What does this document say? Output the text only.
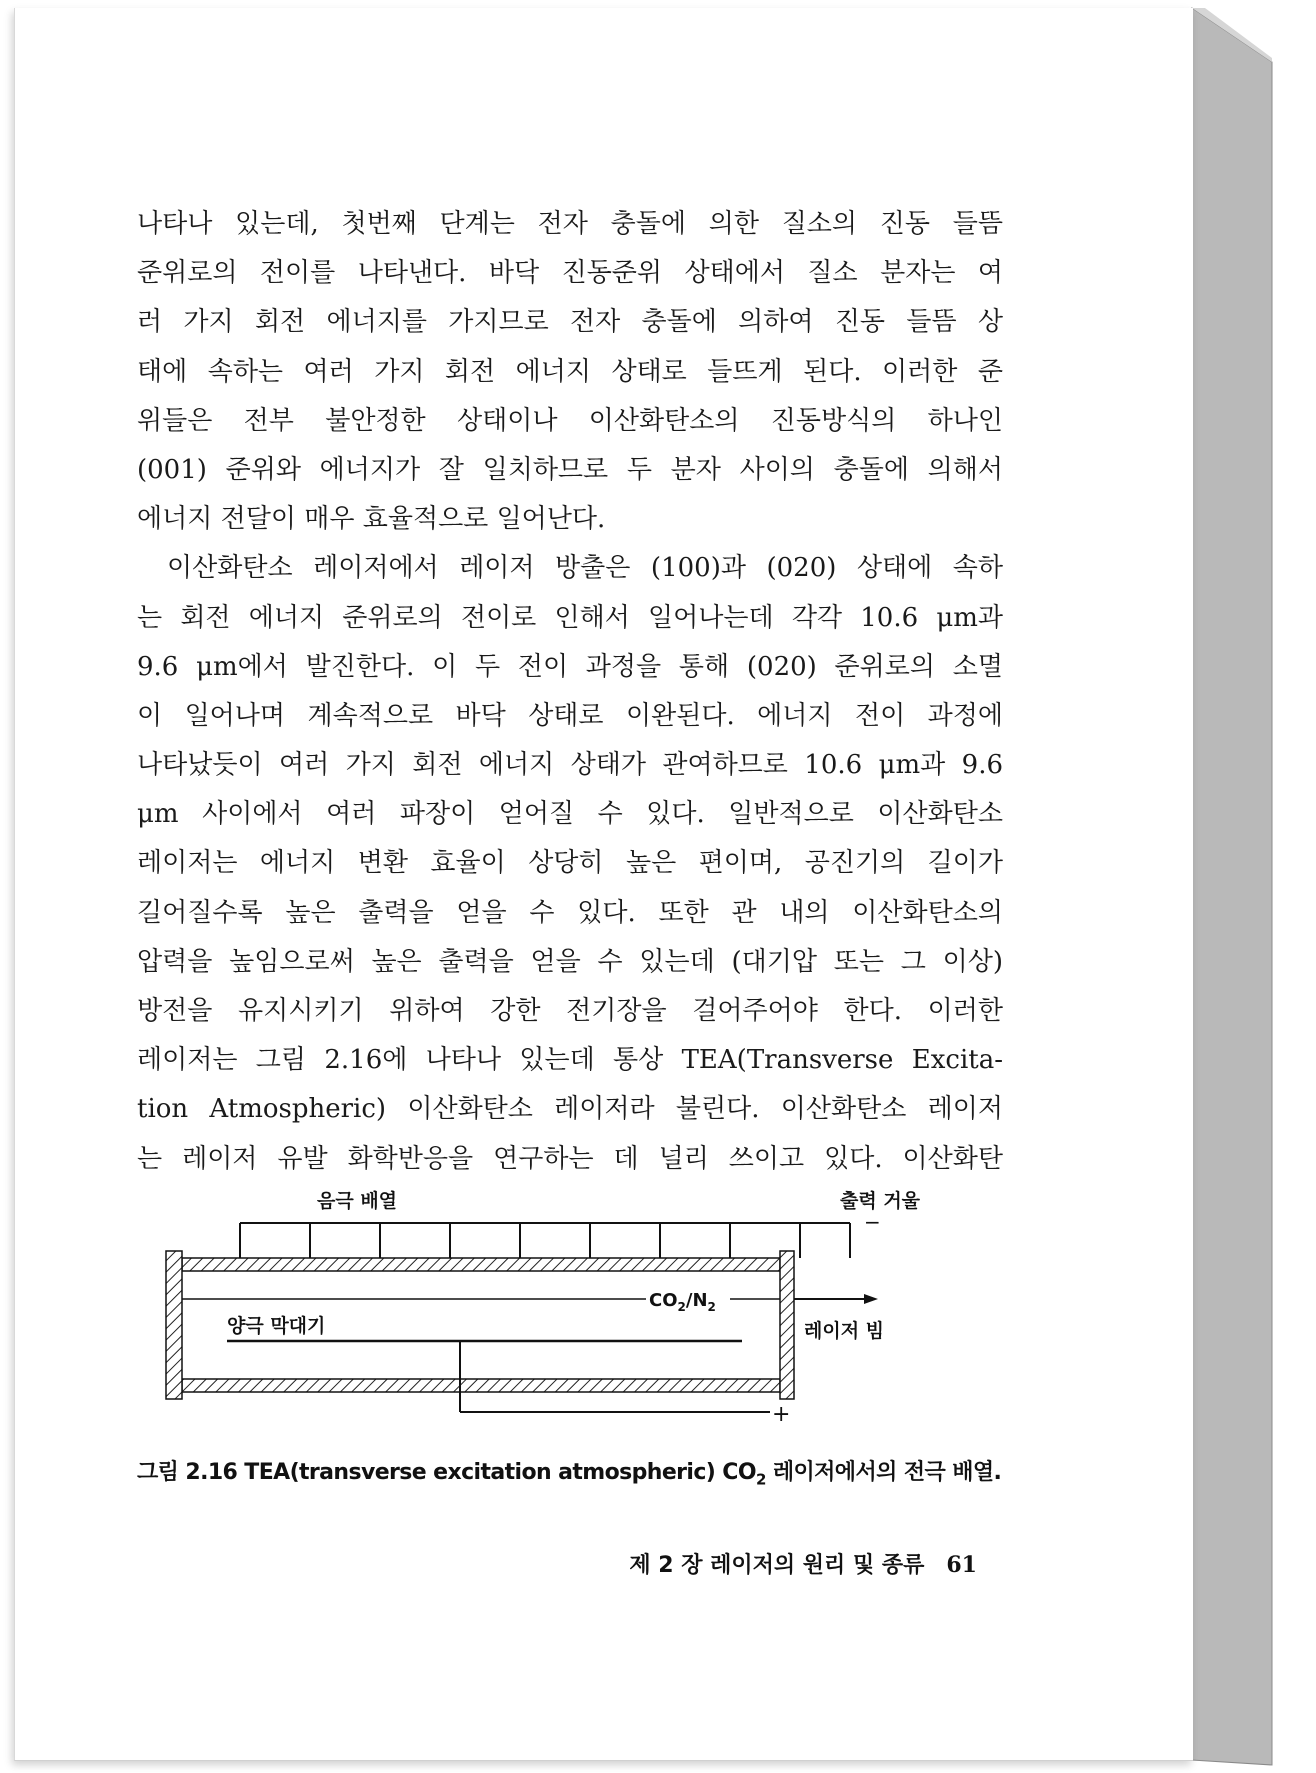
나타나 있는데, 첫번째 단계는 전자 충돌에 의한 질소의 진동 들뜸
준위로의 전이를 나타낸다. 바닥 진동준위 상태에서 질소 분자는 여
러 가지 회전 에너지를 가지므로 전자 충돌에 의하여 진동 들뜸 상
태에 속하는 여러 가지 회전 에너지 상태로 들뜨게 된다. 이러한 준
위들은 전부 불안정한 상태이나 이산화탄소의 진동방식의 하나인
(001) 준위와 에너지가 잘 일치하므로 두 분자 사이의 충돌에 의해서
에너지 전달이 매우 효율적으로 일어난다.
이산화탄소 레이저에서 레이저 방출은 (100)과 (020) 상태에 속하
는 회전 에너지 준위로의 전이로 인해서 일어나는데 각각 10.6 μm과
9.6 μm에서 발진한다. 이 두 전이 과정을 통해 (020) 준위로의 소멸
이 일어나며 계속적으로 바닥 상태로 이완된다. 에너지 전이 과정에
나타났듯이 여러 가지 회전 에너지 상태가 관여하므로 10.6 μm과 9.6
μm 사이에서 여러 파장이 얻어질 수 있다. 일반적으로 이산화탄소
레이저는 에너지 변환 효율이 상당히 높은 편이며, 공진기의 길이가
길어질수록 높은 출력을 얻을 수 있다. 또한 관 내의 이산화탄소의
압력을 높임으로써 높은 출력을 얻을 수 있는데 (대기압 또는 그 이상)
방전을 유지시키기 위하여 강한 전기장을 걸어주어야 한다. 이러한
레이저는 그림 2.16에 나타나 있는데 통상 TEA(Transverse Excita-
tion Atmospheric) 이산화탄소 레이저라 불린다. 이산화탄소 레이저
는 레이저 유발 화학반응을 연구하는 데 널리 쓰이고 있다. 이산화탄
음극 배열	출력 거울
−
$CO_2/N_2$
레이저 빔
양극 막대기
+
그림 2.16 TEA(transverse excitation atmospheric) $CO_2$ 레이저에서의 전극 배열.
제 2 장 레이저의 원리 및 종류 61
